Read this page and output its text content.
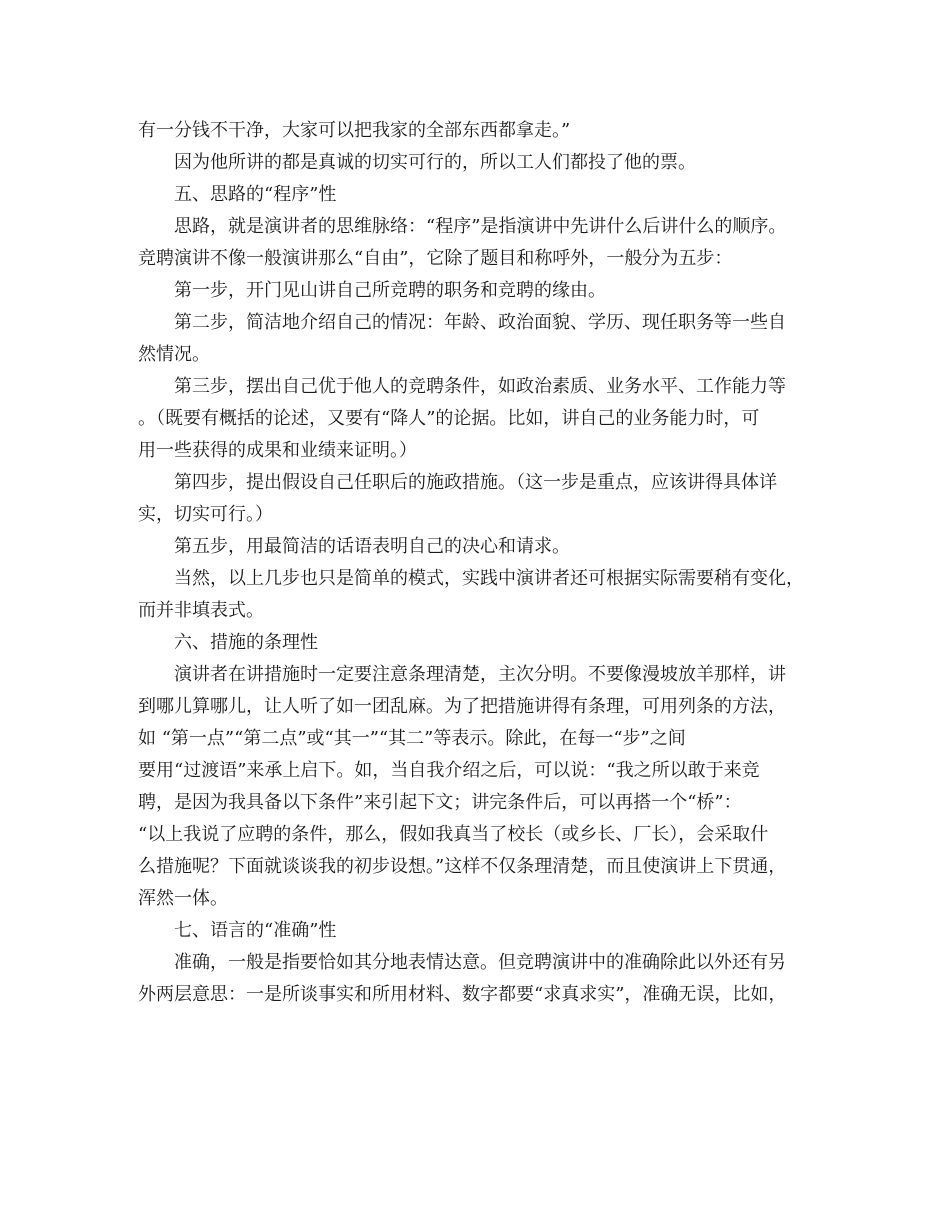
有一分钱不干净，大家可以把我家的全部东西都拿走。”
因为他所讲的都是真诚的切实可行的，所以工人们都投了他的票。
五、思路的“程序”性
思路，就是演讲者的思维脉络：“程序”是指演讲中先讲什么后讲什么的顺序。
竞聘演讲不像一般演讲那么“自由”，它除了题目和称呼外，一般分为五步：
第一步，开门见山讲自己所竞聘的职务和竞聘的缘由。
第二步，简洁地介绍自己的情况：年龄、政治面貌、学历、现任职务等一些自
然情况。
第三步，摆出自己优于他人的竞聘条件，如政治素质、业务水平、工作能力等
。（既要有概括的论述，又要有“降人”的论据。比如，讲自己的业务能力时，可
用一些获得的成果和业绩来证明。）
第四步，提出假设自己任职后的施政措施。（这一步是重点，应该讲得具体详
实，切实可行。）
第五步，用最简洁的话语表明自己的决心和请求。
当然，以上几步也只是简单的模式，实践中演讲者还可根据实际需要稍有变化，
而并非填表式。
六、措施的条理性
演讲者在讲措施时一定要注意条理清楚，主次分明。不要像漫坡放羊那样，讲
到哪儿算哪儿，让人听了如一团乱麻。为了把措施讲得有条理，可用列条的方法，
如 “第一点”“第二点”或“其一”“其二”等表示。除此，在每一“步”之间
要用“过渡语”来承上启下。如，当自我介绍之后，可以说：“我之所以敢于来竞
聘，是因为我具备以下条件”来引起下文；讲完条件后，可以再搭一个“桥”：
“以上我说了应聘的条件，那么，假如我真当了校长（或乡长、厂长），会采取什
么措施呢？下面就谈谈我的初步设想。”这样不仅条理清楚，而且使演讲上下贯通，
浑然一体。
七、语言的“准确”性
准确，一般是指要恰如其分地表情达意。但竞聘演讲中的准确除此以外还有另
外两层意思：一是所谈事实和所用材料、数字都要“求真求实”，准确无误，比如，
